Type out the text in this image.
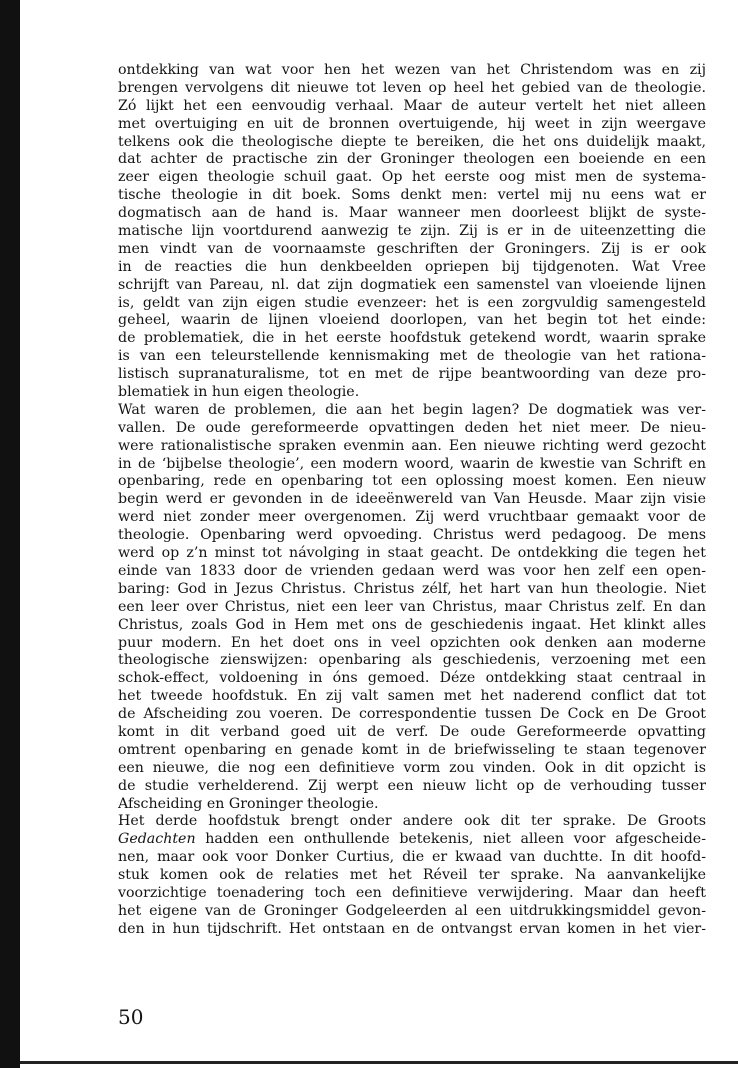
ontdekking van wat voor hen het wezen van het Christendom was en zij
brengen vervolgens dit nieuwe tot leven op heel het gebied van de theologie.
Zó lijkt het een eenvoudig verhaal. Maar de auteur vertelt het niet alleen
met overtuiging en uit de bronnen overtuigende, hij weet in zijn weergave
telkens ook die theologische diepte te bereiken, die het ons duidelijk maakt,
dat achter de practische zin der Groninger theologen een boeiende en een
zeer eigen theologie schuil gaat. Op het eerste oog mist men de systema-
tische theologie in dit boek. Soms denkt men: vertel mij nu eens wat er
dogmatisch aan de hand is. Maar wanneer men doorleest blijkt de syste-
matische lijn voortdurend aanwezig te zijn. Zij is er in de uiteenzetting die
men vindt van de voornaamste geschriften der Groningers. Zij is er ook
in de reacties die hun denkbeelden opriepen bij tijdgenoten. Wat Vree
schrijft van Pareau, nl. dat zijn dogmatiek een samenstel van vloeiende lijnen
is, geldt van zijn eigen studie evenzeer: het is een zorgvuldig samengesteld
geheel, waarin de lijnen vloeiend doorlopen, van het begin tot het einde:
de problematiek, die in het eerste hoofdstuk getekend wordt, waarin sprake
is van een teleurstellende kennismaking met de theologie van het rationa-
listisch supranaturalisme, tot en met de rijpe beantwoording van deze pro-
blematiek in hun eigen theologie.
Wat waren de problemen, die aan het begin lagen? De dogmatiek was ver-
vallen. De oude gereformeerde opvattingen deden het niet meer. De nieu-
were rationalistische spraken evenmin aan. Een nieuwe richting werd gezocht
in de ‘bijbelse theologie’, een modern woord, waarin de kwestie van Schrift en
openbaring, rede en openbaring tot een oplossing moest komen. Een nieuw
begin werd er gevonden in de ideeënwereld van Van Heusde. Maar zijn visie
werd niet zonder meer overgenomen. Zij werd vruchtbaar gemaakt voor de
theologie. Openbaring werd opvoeding. Christus werd pedagoog. De mens
werd op z’n minst tot návolging in staat geacht. De ontdekking die tegen het
einde van 1833 door de vrienden gedaan werd was voor hen zelf een open-
baring: God in Jezus Christus. Christus zélf, het hart van hun theologie. Niet
een leer over Christus, niet een leer van Christus, maar Christus zelf. En dan
Christus, zoals God in Hem met ons de geschiedenis ingaat. Het klinkt alles
puur modern. En het doet ons in veel opzichten ook denken aan moderne
theologische zienswijzen: openbaring als geschiedenis, verzoening met een
schok-effect, voldoening in óns gemoed. Déze ontdekking staat centraal in
het tweede hoofdstuk. En zij valt samen met het naderend conflict dat tot
de Afscheiding zou voeren. De correspondentie tussen De Cock en De Groot
komt in dit verband goed uit de verf. De oude Gereformeerde opvatting
omtrent openbaring en genade komt in de briefwisseling te staan tegenover
een nieuwe, die nog een definitieve vorm zou vinden. Ook in dit opzicht is
de studie verhelderend. Zij werpt een nieuw licht op de verhouding tusser
Afscheiding en Groninger theologie.
Het derde hoofdstuk brengt onder andere ook dit ter sprake. De Groots
Gedachten hadden een onthullende betekenis, niet alleen voor afgescheide-
nen, maar ook voor Donker Curtius, die er kwaad van duchtte. In dit hoofd-
stuk komen ook de relaties met het Réveil ter sprake. Na aanvankelijke
voorzichtige toenadering toch een definitieve verwijdering. Maar dan heeft
het eigene van de Groninger Godgeleerden al een uitdrukkingsmiddel gevon-
den in hun tijdschrift. Het ontstaan en de ontvangst ervan komen in het vier-
50
